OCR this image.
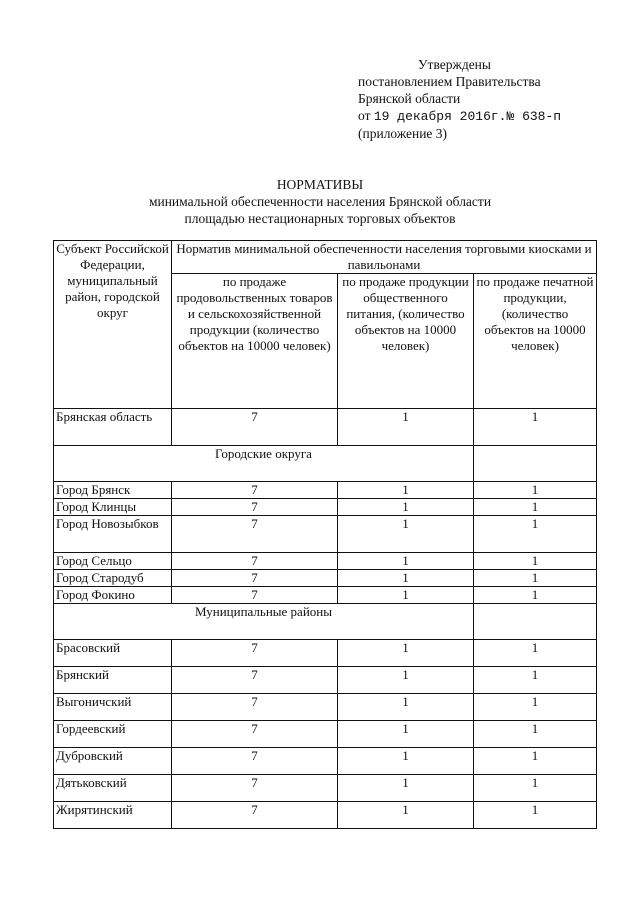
Утверждены
постановлением Правительства
Брянской области
от 19 декабря 2016г.№ 638-п
(приложение 3)
НОРМАТИВЫ
минимальной обеспеченности населения Брянской области
площадью нестационарных торговых объектов
Субъект Российской Федерации, муниципальный район, городской округ	Норматив минимальной обеспеченности населения торговыми киосками и павильонами		
	по продаже продовольственных товаров и сельскохозяйственной продукции (количество объектов на 10000 человек)	по продаже продукции общественного питания, (количество объектов на 10000 человек)	по продаже печатной продукции, (количество объектов на 10000 человек)
Брянская область	7	1	1
Городские округа			
Город Брянск	7	1	1
Город Клинцы	7	1	1
Город Новозыбков	7	1	1
Город Сельцо	7	1	1
Город Стародуб	7	1	1
Город Фокино	7	1	1
Муниципальные районы			
Брасовский	7	1	1
Брянский	7	1	1
Выгоничский	7	1	1
Гордеевский	7	1	1
Дубровский	7	1	1
Дятьковский	7	1	1
Жирятинский	7	1	1
